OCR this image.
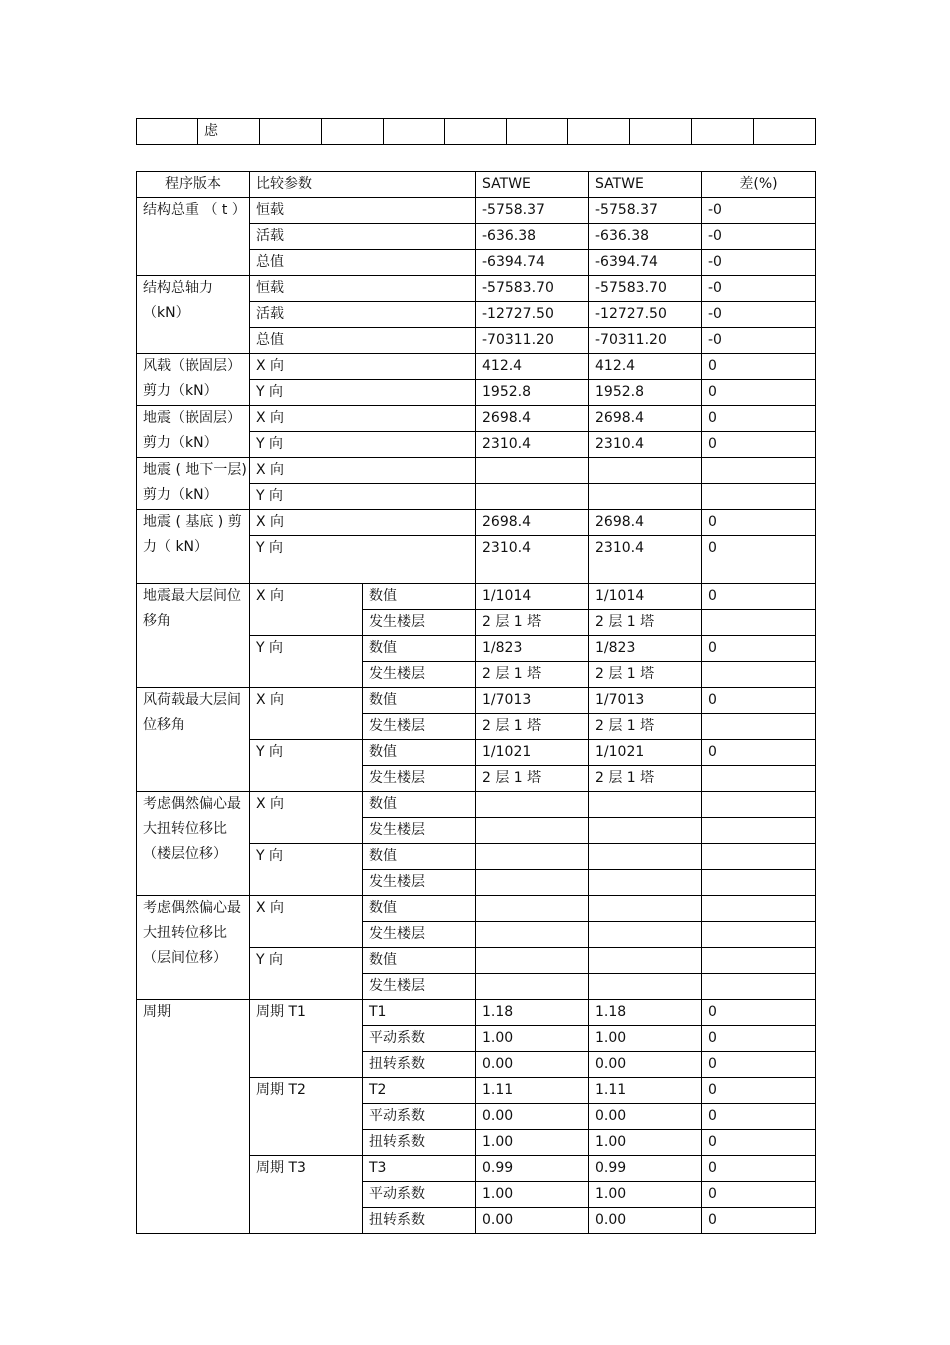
	虑									
程序版本	比较参数		SATWE	SATWE	差(%)
结构总重 （ t ）	恒载		-5758.37	-5758.37	-0
	活载		-636.38	-636.38	-0
	总值		-6394.74	-6394.74	-0
结构总轴力（kN）	恒载		-57583.70	-57583.70	-0
	活载		-12727.50	-12727.50	-0
	总值		-70311.20	-70311.20	-0
风载（嵌固层）剪力（kN）	X 向		412.4	412.4	0
	Y 向		1952.8	1952.8	0
地震（嵌固层）剪力（kN）	X 向		2698.4	2698.4	0
	Y 向		2310.4	2310.4	0
地震 ( 地下一层) 剪力（kN）	X 向				
	Y 向				
地震 ( 基底 ) 剪力（ kN）	X 向		2698.4	2698.4	0
	Y 向		2310.4	2310.4	0
地震最大层间位移角	X 向	数值	1/1014	1/1014	0
		发生楼层	2 层 1 塔	2 层 1 塔	
	Y 向	数值	1/823	1/823	0
		发生楼层	2 层 1 塔	2 层 1 塔	
风荷载最大层间位移角	X 向	数值	1/7013	1/7013	0
		发生楼层	2 层 1 塔	2 层 1 塔	
	Y 向	数值	1/1021	1/1021	0
		发生楼层	2 层 1 塔	2 层 1 塔	
考虑偶然偏心最大扭转位移比（楼层位移）	X 向	数值			
		发生楼层			
	Y 向	数值			
		发生楼层			
考虑偶然偏心最大扭转位移比（层间位移）	X 向	数值			
		发生楼层			
	Y 向	数值			
		发生楼层			
周期	周期 T1	T1	1.18	1.18	0
		平动系数	1.00	1.00	0
		扭转系数	0.00	0.00	0
	周期 T2	T2	1.11	1.11	0
		平动系数	0.00	0.00	0
		扭转系数	1.00	1.00	0
	周期 T3	T3	0.99	0.99	0
		平动系数	1.00	1.00	0
		扭转系数	0.00	0.00	0
